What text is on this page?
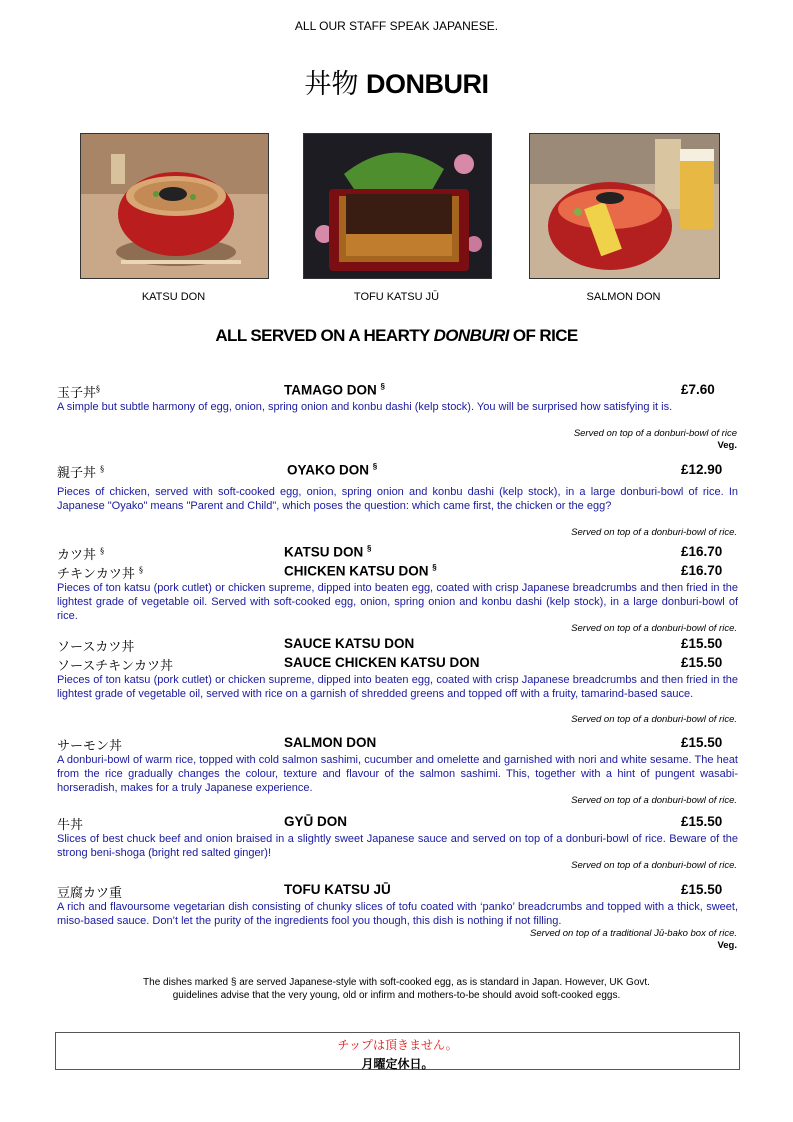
ALL OUR STAFF SPEAK JAPANESE.
丼物 DONBURI
KATSU DON	TOFU KATSU JŪ	SALMON DON
ALL SERVED ON A HEARTY DONBURI OF RICE
玉子丼§	TAMAGO DON §	£7.60
A simple but subtle harmony of egg, onion, spring onion and konbu dashi (kelp stock). You will be surprised how satisfying it is.
Served on top of a donburi-bowl of rice
Veg.
親子丼 §	OYAKO DON §	£12.90
Pieces of chicken, served with soft-cooked egg, onion, spring onion and konbu dashi (kelp stock), in a large donburi-bowl of rice. In Japanese "Oyako" means "Parent and Child", which poses the question: which came first, the chicken or the egg?
Served on top of a donburi-bowl of rice.
カツ丼 §	KATSU DON §	£16.70
チキンカツ丼 §	CHICKEN KATSU DON §	£16.70
Pieces of ton katsu (pork cutlet) or chicken supreme, dipped into beaten egg, coated with crisp Japanese breadcrumbs and then fried in the lightest grade of vegetable oil. Served with soft-cooked egg, onion, spring onion and konbu dashi (kelp stock), in a large donburi-bowl of rice.
Served on top of a donburi-bowl of rice.
ソースカツ丼	SAUCE KATSU DON	£15.50
ソースチキンカツ丼	SAUCE CHICKEN KATSU DON	£15.50
Pieces of ton katsu (pork cutlet) or chicken supreme, dipped into beaten egg, coated with crisp Japanese breadcrumbs and then fried in the lightest grade of vegetable oil, served with rice on a garnish of shredded greens and topped off with a fruity, tamarind-based sauce.
Served on top of a donburi-bowl of rice.
サーモン丼	SALMON DON	£15.50
A donburi-bowl of warm rice, topped with cold salmon sashimi, cucumber and omelette and garnished with nori and white sesame. The heat from the rice gradually changes the colour, texture and flavour of the salmon sashimi. This, together with a hint of pungent wasabi-horseradish, makes for a truly Japanese experience.
Served on top of a donburi-bowl of rice.
牛丼	GYŪ DON	£15.50
Slices of best chuck beef and onion braised in a slightly sweet Japanese sauce and served on top of a donburi-bowl of rice. Beware of the strong beni-shoga (bright red salted ginger)!
Served on top of a donburi-bowl of rice.
豆腐カツ重	TOFU KATSU JŪ	£15.50
A rich and flavoursome vegetarian dish consisting of chunky slices of tofu coated with ‘panko’ breadcrumbs and topped with a thick, sweet, miso-based sauce. Don’t let the purity of the ingredients fool you though, this dish is nothing if not filling.
Served on top of a traditional Jū-bako box of rice.
Veg.
The dishes marked § are served Japanese-style with soft-cooked egg, as is standard in Japan. However, UK Govt.
guidelines advise that the very young, old or infirm and mothers-to-be should avoid soft-cooked eggs.
チップは頂きません。
月曜定休日。
